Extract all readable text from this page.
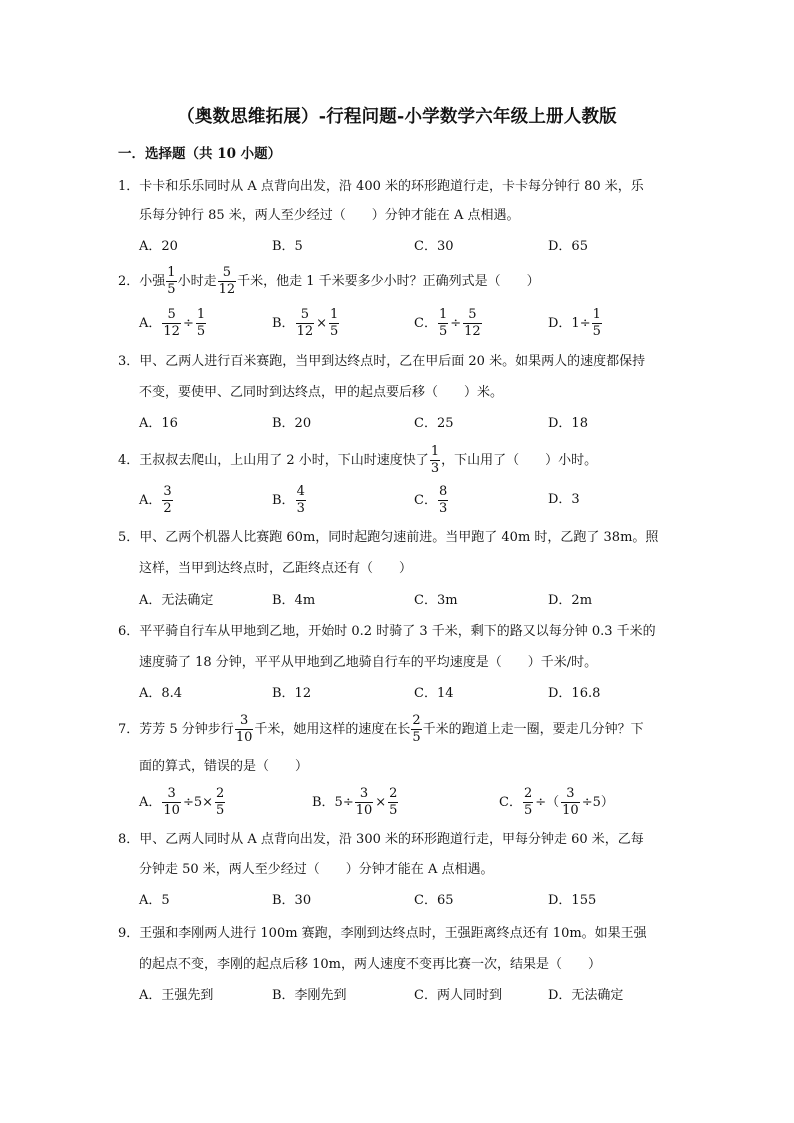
（奥数思维拓展）-行程问题-小学数学六年级上册人教版
一．选择题（共 10 小题）
1．卡卡和乐乐同时从 A 点背向出发，沿 400 米的环形跑道行走，卡卡每分钟行 80 米，乐
乐每分钟行 85 米，两人至少经过（　　）分钟才能在 A 点相遇。
A．20	B．5	C．30	D．65
2．小强 $\frac{1}{5}$ 小时走 $\frac{5}{12}$ 千米，他走 1 千米要多少小时？正确列式是（　　）
A． $\frac{5}{12} \div \frac{1}{5}$	B． $\frac{5}{12} \times \frac{1}{5}$	C． $\frac{1}{5} \div \frac{5}{12}$	D．$1\div \frac{1}{5}$
3．甲、乙两人进行百米赛跑，当甲到达终点时，乙在甲后面 20 米。如果两人的速度都保持
不变，要使甲、乙同时到达终点，甲的起点要后移（　　）米。
A．16	B．20	C．25	D．18
4．王叔叔去爬山，上山用了 2 小时，下山时速度快了 $\frac{1}{3}$ ，下山用了（　　）小时。
A． $\frac{3}{2}$	B． $\frac{4}{3}$	C． $\frac{8}{3}$	D．3
5．甲、乙两个机器人比赛跑 60m，同时起跑匀速前进。当甲跑了 40m 时，乙跑了 38m。照
这样，当甲到达终点时，乙距终点还有（　　）
A．无法确定	B．4m	C．3m	D．2m
6．平平骑自行车从甲地到乙地，开始时 0.2 时骑了 3 千米，剩下的路又以每分钟 0.3 千米的
速度骑了 18 分钟，平平从甲地到乙地骑自行车的平均速度是（　　）千米/时。
A．8.4	B．12	C．14	D．16.8
7．芳芳 5 分钟步行 $\frac{3}{10}$ 千米，她用这样的速度在长 $\frac{2}{5}$ 千米的跑道上走一圈，要走几分钟？下
面的算式，错误的是（　　）
A． $\frac{3}{10} \div 5\times \frac{2}{5}$	B．$5\div \frac{3}{10} \times \frac{2}{5}$	C． $\frac{2}{5}$ ÷（ $\frac{3}{10} \div 5$）
8．甲、乙两人同时从 A 点背向出发，沿 300 米的环形跑道行走，甲每分钟走 60 米，乙每
分钟走 50 米，两人至少经过（　　）分钟才能在 A 点相遇。
A．5	B．30	C．65	D．155
9．王强和李刚两人进行 100m 赛跑，李刚到达终点时，王强距离终点还有 10m。如果王强
的起点不变，李刚的起点后移 10m，两人速度不变再比赛一次，结果是（　　）
A．王强先到	B．李刚先到	C．两人同时到	D．无法确定
